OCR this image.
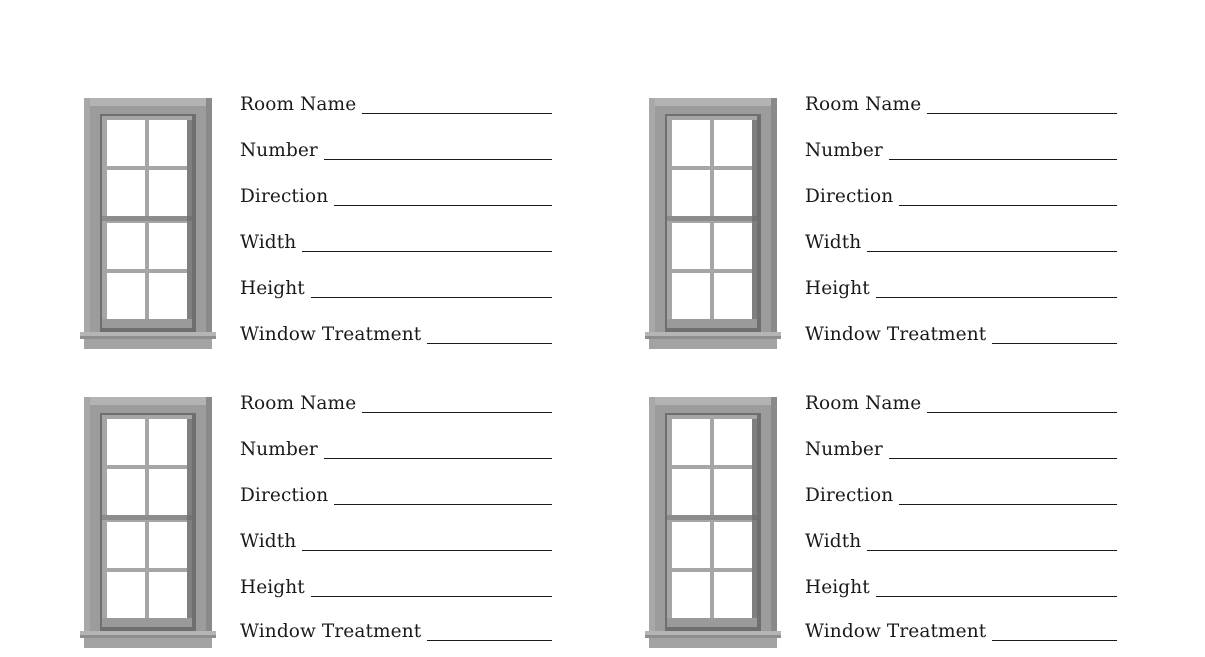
Room Name
Number
Direction
Width
Height
Window Treatment
Room Name
Number
Direction
Width
Height
Window Treatment
Room Name
Number
Direction
Width
Height
Window Treatment
Room Name
Number
Direction
Width
Height
Window Treatment
